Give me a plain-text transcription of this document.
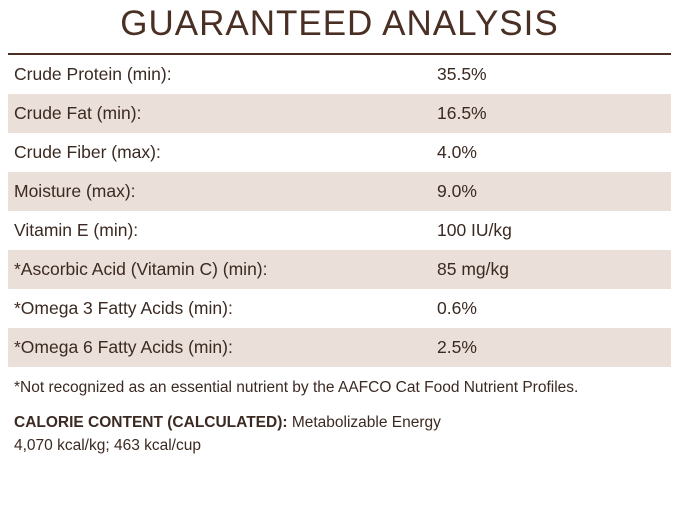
GUARANTEED ANALYSIS
Crude Protein (min):	35.5%
Crude Fat (min):	16.5%
Crude Fiber (max):	4.0%
Moisture (max):	9.0%
Vitamin E (min):	100 IU/kg
*Ascorbic Acid (Vitamin C) (min):	85 mg/kg
*Omega 3 Fatty Acids (min):	0.6%
*Omega 6 Fatty Acids (min):	2.5%
*Not recognized as an essential nutrient by the AAFCO Cat Food Nutrient Profiles.
CALORIE CONTENT (CALCULATED): Metabolizable Energy
4,070 kcal/kg; 463 kcal/cup
